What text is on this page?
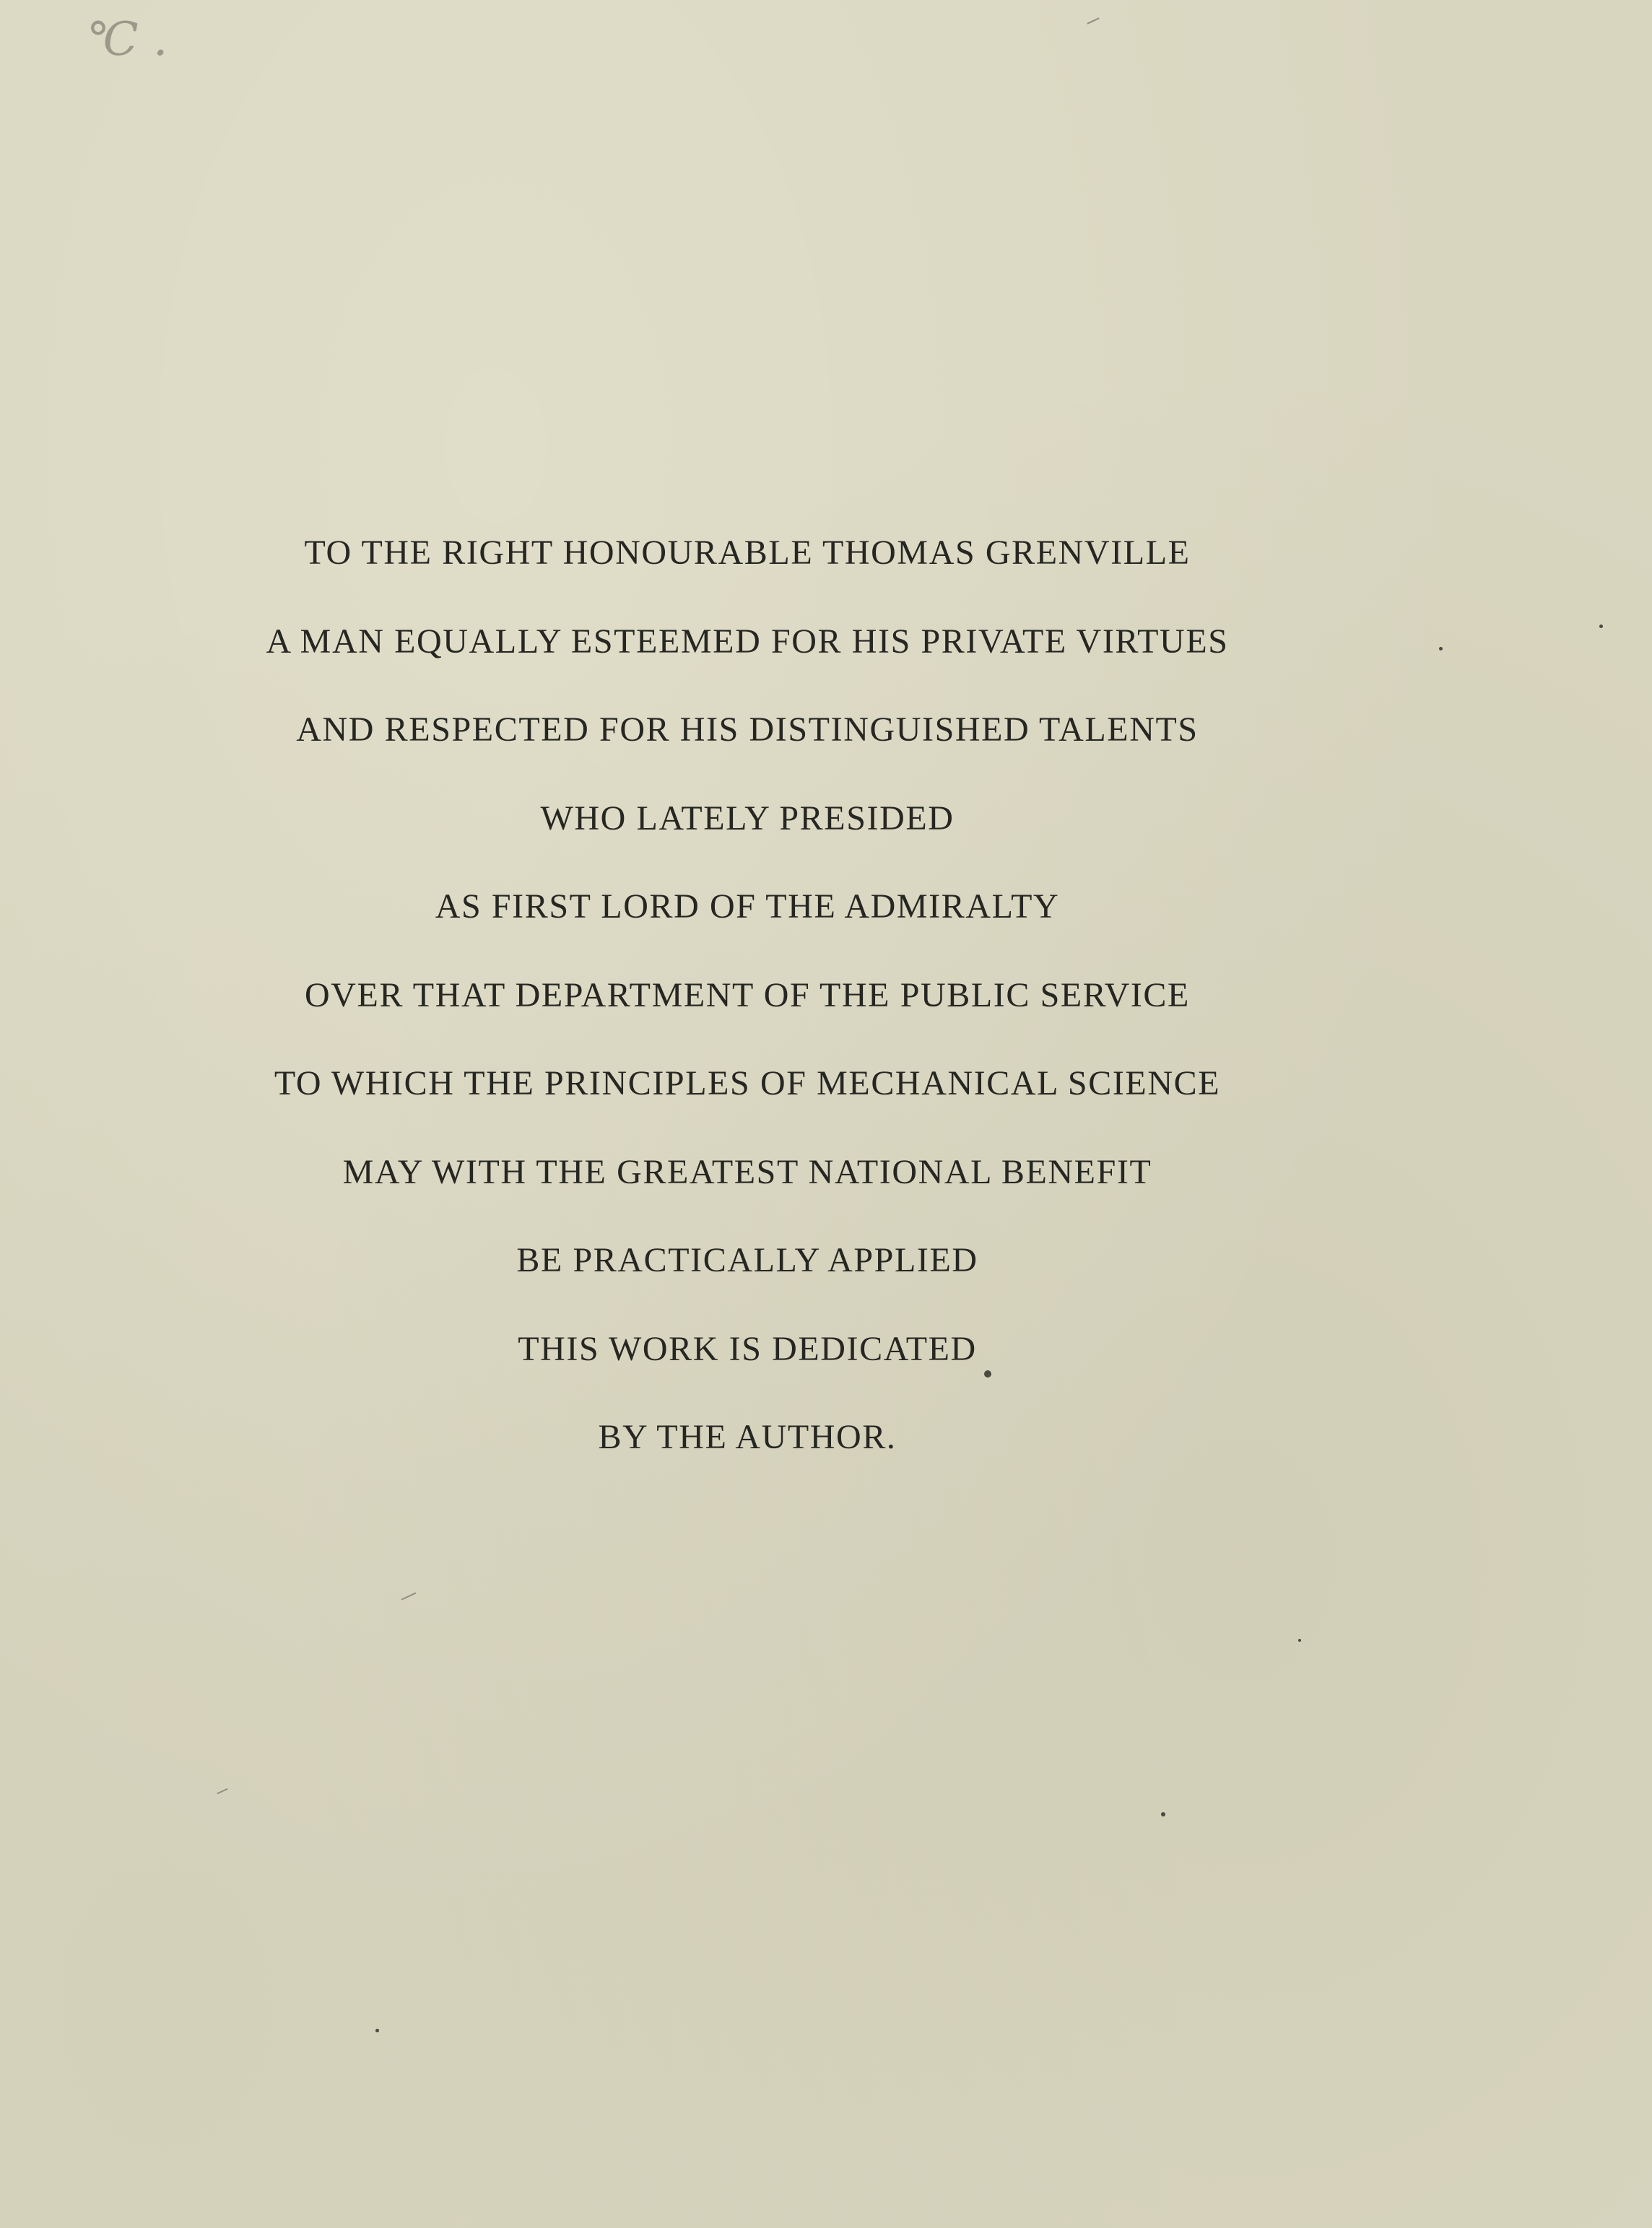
℃ .
TO THE RIGHT HONOURABLE THOMAS GRENVILLE
A MAN EQUALLY ESTEEMED FOR HIS PRIVATE VIRTUES
AND RESPECTED FOR HIS DISTINGUISHED TALENTS
WHO LATELY PRESIDED
AS FIRST LORD OF THE ADMIRALTY
OVER THAT DEPARTMENT OF THE PUBLIC SERVICE
TO WHICH THE PRINCIPLES OF MECHANICAL SCIENCE
MAY WITH THE GREATEST NATIONAL BENEFIT
BE PRACTICALLY APPLIED
THIS WORK IS DEDICATED
BY THE AUTHOR.
